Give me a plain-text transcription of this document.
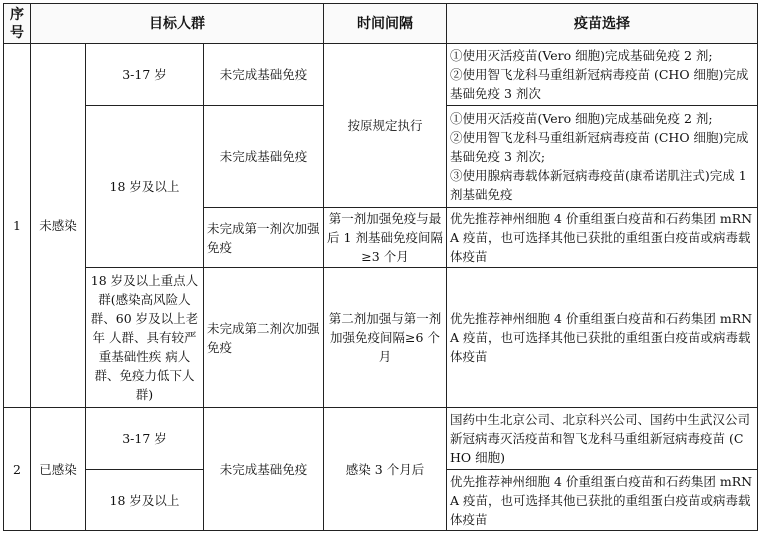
序号	目标人群			时间间隔	疫苗选择
1	未感染	3-17 岁	未完成基础免疫	按原规定执行	①使用灭活疫苗(Vero 细胞)完成基础免疫 2 剂;
②使用智飞龙科马重组新冠病毒疫苗 (CHO 细胞)完成基础免疫 3 剂次

		18 岁及以上	未完成基础免疫		①使用灭活疫苗(Vero 细胞)完成基础免疫 2 剂;
②使用智飞龙科马重组新冠病毒疫苗 (CHO 细胞)完成基础免疫 3 剂次;
③使用腺病毒载体新冠病毒疫苗(康希诺肌注式)完成 1 剂基础免疫

			未完成第一剂次加强免疫	第一剂加强免疫与最后 1 剂基础免疫间隔≥3 个月	优先推荐神州细胞 4 价重组蛋白疫苗和石药集团 mRNA 疫苗，也可选择其他已获批的重组蛋白疫苗或病毒载体疫苗
		18 岁及以上重点人群(感染高风险人群、60 岁及以上老年 人群、具有较严重基础性疾 病人群、免疫力低下人群)	未完成第二剂次加强免疫	第二剂加强与第一剂加强免疫间隔≥6 个月	优先推荐神州细胞 4 价重组蛋白疫苗和石药集团 mRNA 疫苗，也可选择其他已获批的重组蛋白疫苗或病毒载体疫苗
2	已感染	3-17 岁	未完成基础免疫	感染 3 个月后	国药中生北京公司、北京科兴公司、国药中生武汉公司新冠病毒灭活疫苗和智飞龙科马重组新冠病毒疫苗 (CHO 细胞)
		18 岁及以上			优先推荐神州细胞 4 价重组蛋白疫苗和石药集团 mRNA 疫苗，也可选择其他已获批的重组蛋白疫苗或病毒载体疫苗
